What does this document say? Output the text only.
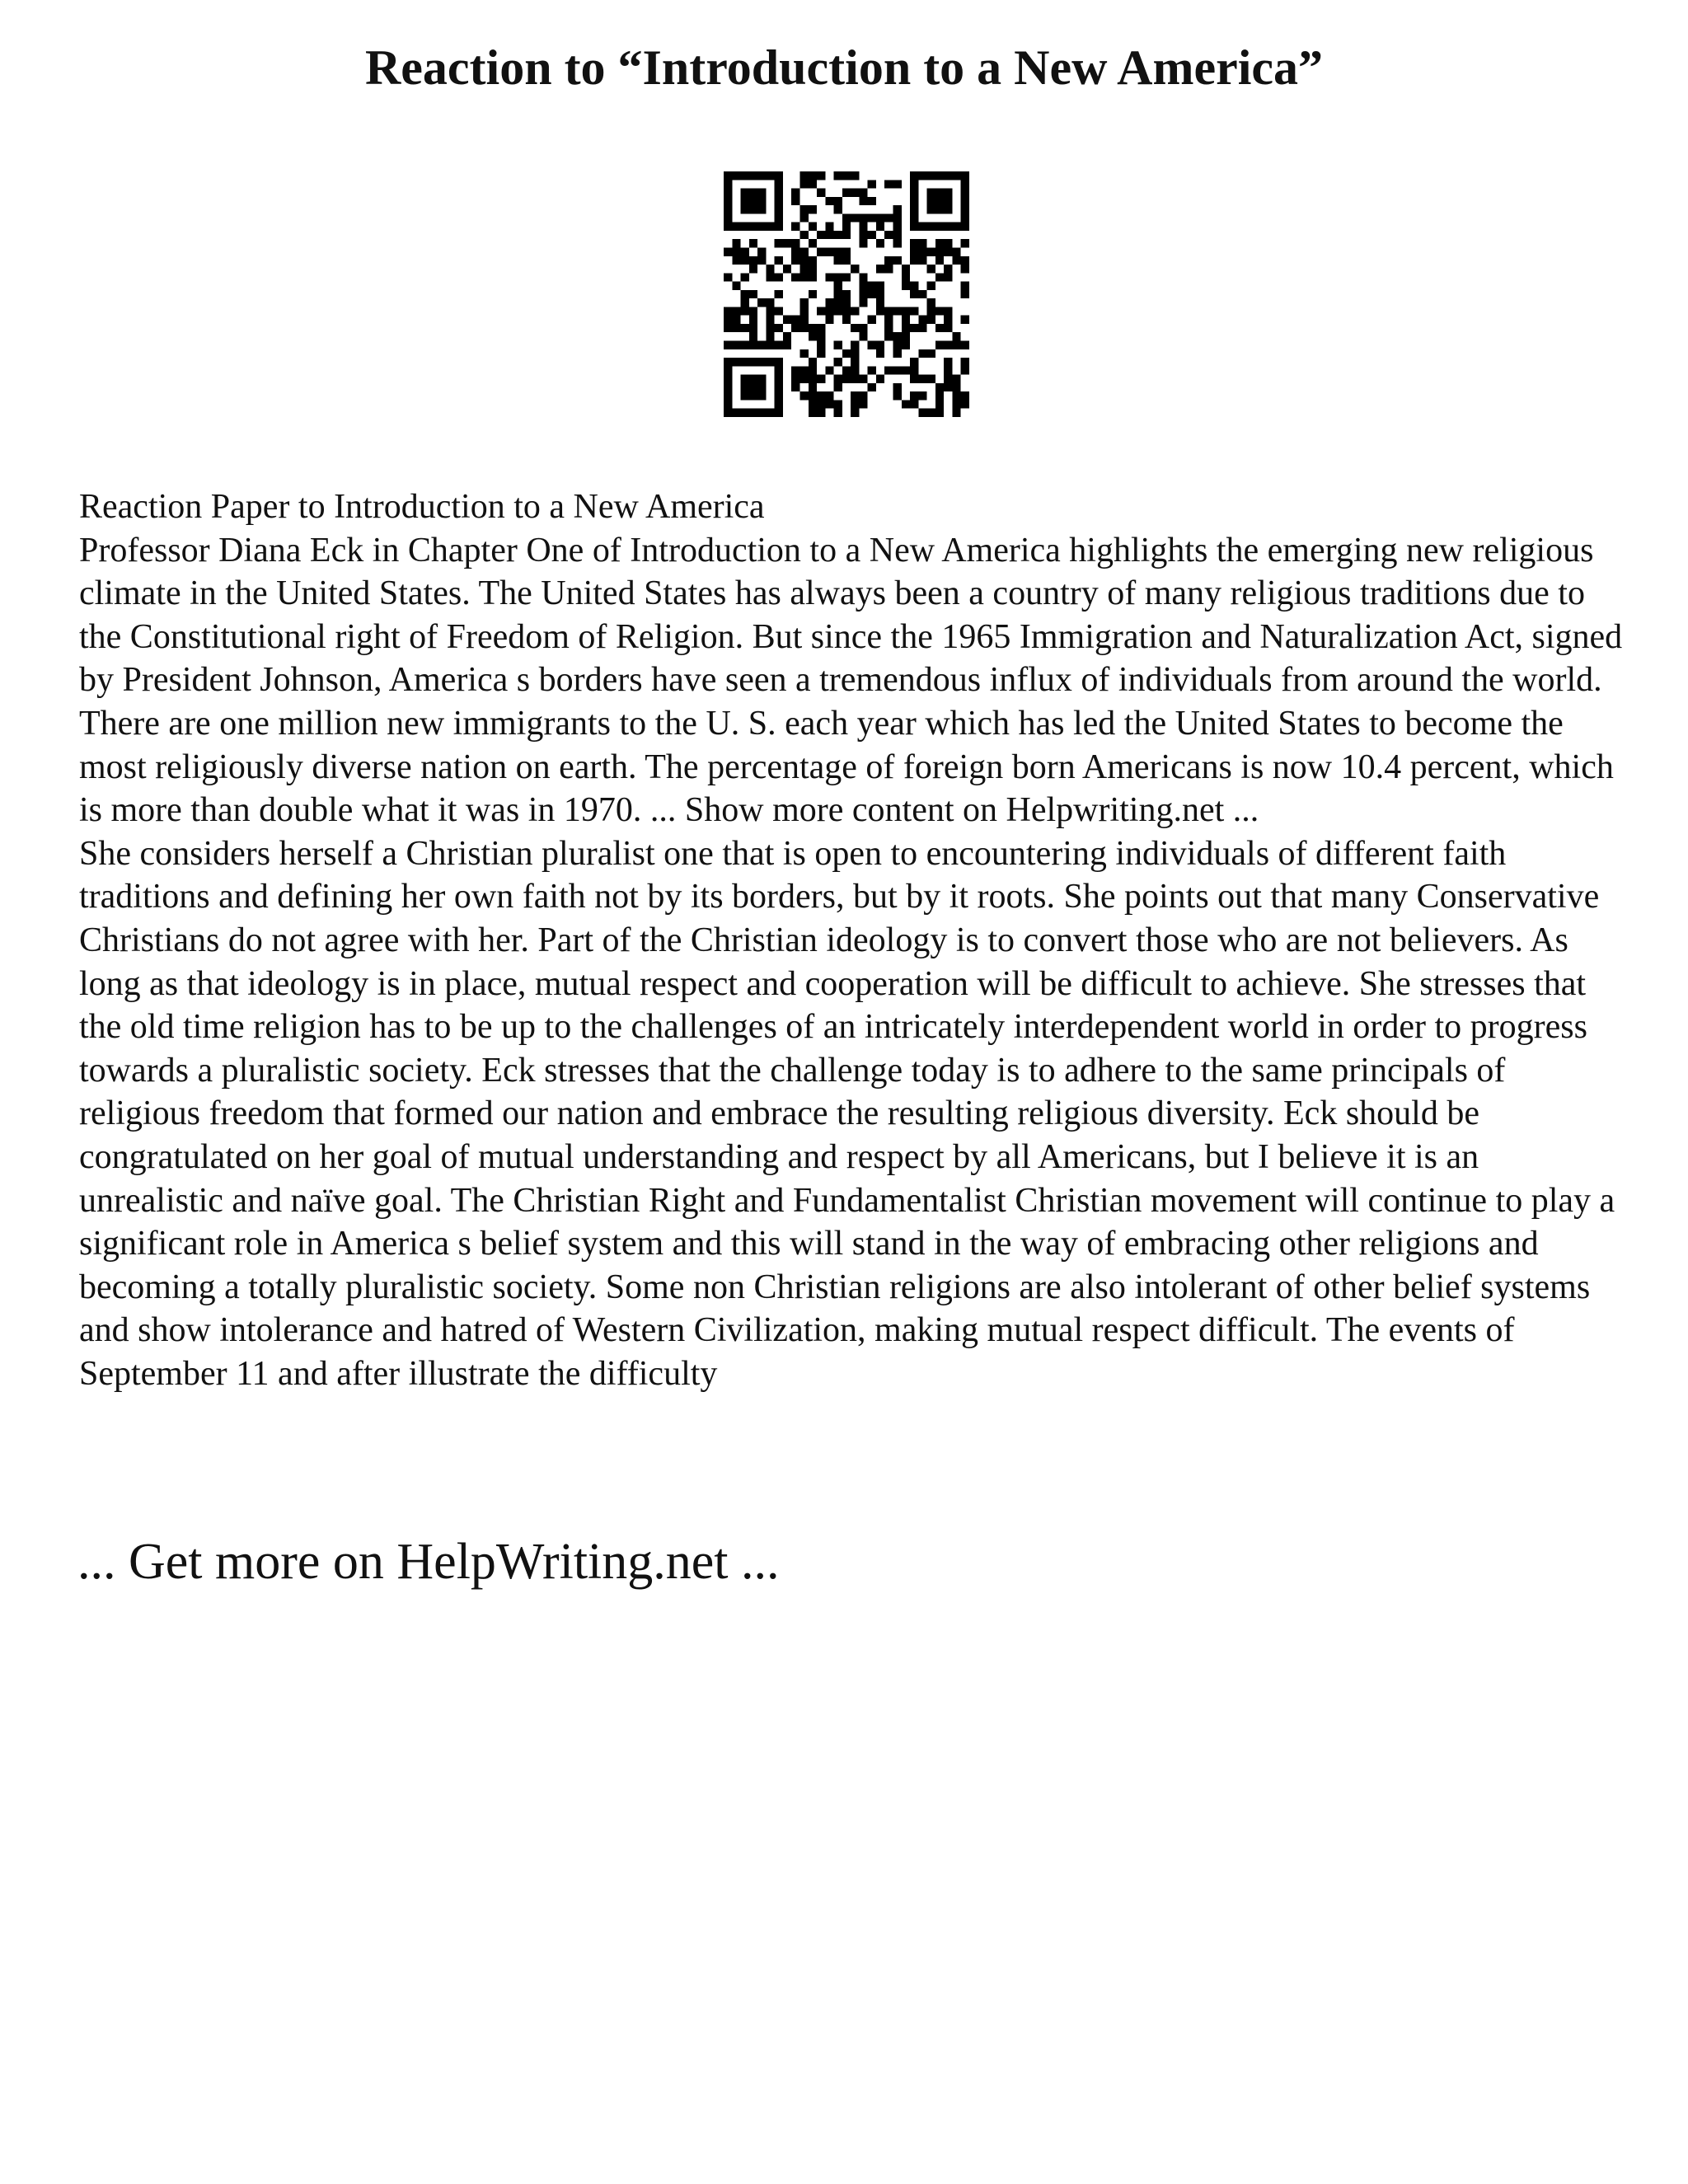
Reaction to “Introduction to a New America”

Reaction Paper to Introduction to a New America

Professor Diana Eck in Chapter One of Introduction to a New America highlights the emerging new religious climate in the United States. The United States has always been a country of many religious traditions due to the Constitutional right of Freedom of Religion. But since the 1965 Immigration and Naturalization Act, signed by President Johnson, America s borders have seen a tremendous influx of individuals from around the world. There are one million new immigrants to the U. S. each year which has led the United States to become the most religiously diverse nation on earth. The percentage of foreign born Americans is now 10.4 percent, which is more than double what it was in 1970. ... Show more content on Helpwriting.net ...

She considers herself a Christian pluralist one that is open to encountering individuals of different faith traditions and defining her own faith not by its borders, but by it roots. She points out that many Conservative Christians do not agree with her. Part of the Christian ideology is to convert those who are not believers. As long as that ideology is in place, mutual respect and cooperation will be difficult to achieve. She stresses that the old time religion has to be up to the challenges of an intricately interdependent world in order to progress towards a pluralistic society. Eck stresses that the challenge today is to adhere to the same principals of religious freedom that formed our nation and embrace the resulting religious diversity. Eck should be congratulated on her goal of mutual understanding and respect by all Americans, but I believe it is an unrealistic and naïve goal. The Christian Right and Fundamentalist Christian movement will continue to play a significant role in America s belief system and this will stand in the way of embracing other religions and becoming a totally pluralistic society. Some non Christian religions are also intolerant of other belief systems and show intolerance and hatred of Western Civilization, making mutual respect difficult. The events of September 11 and after illustrate the difficulty

... Get more on HelpWriting.net ...
